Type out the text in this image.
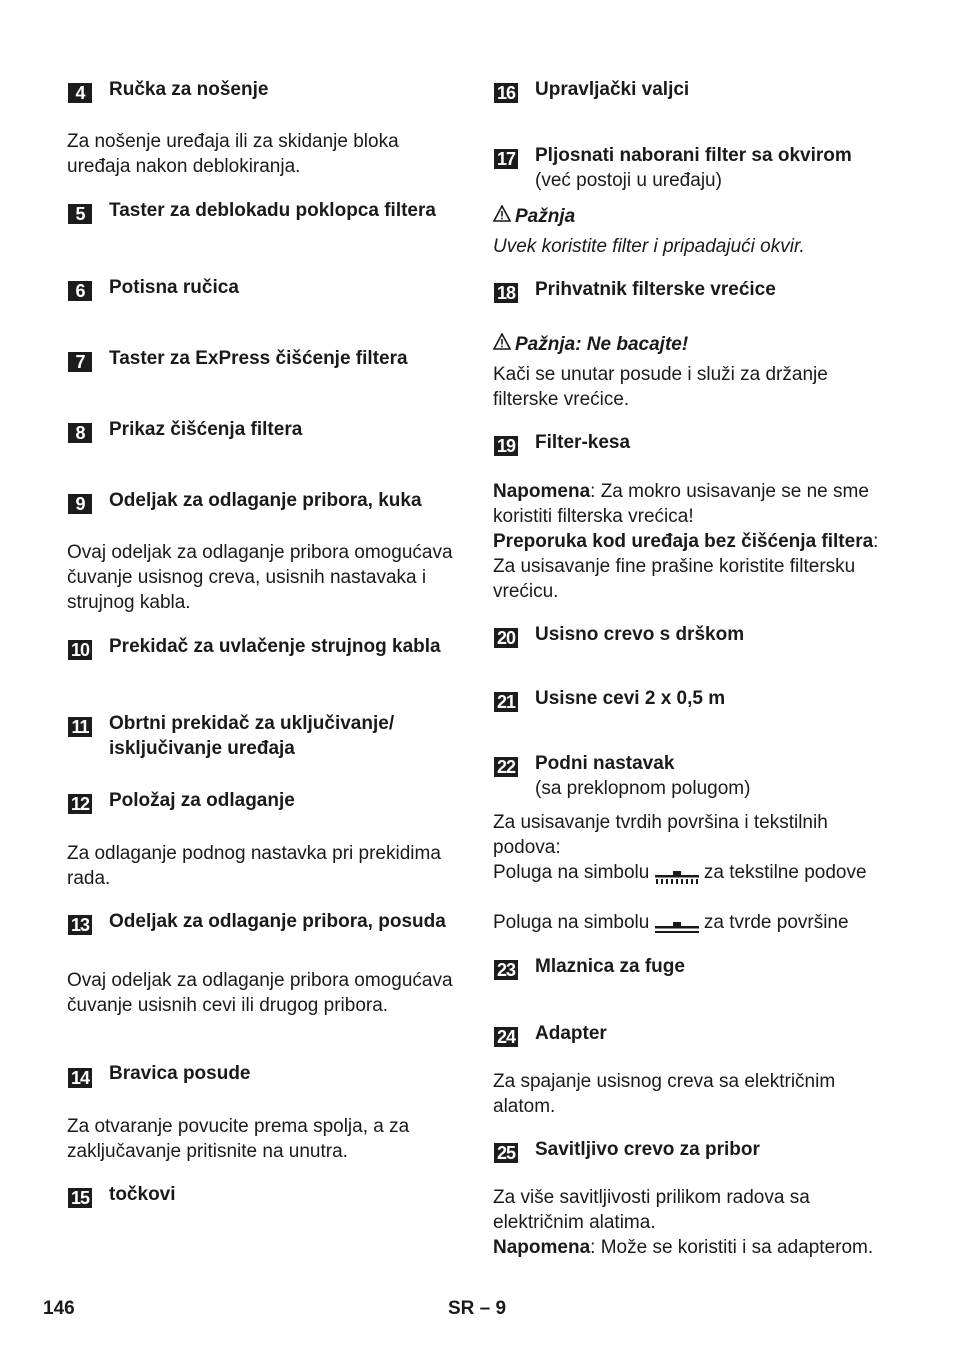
4	Ručka za nošenje
Za nošenje uređaja ili za skidanje bloka uređaja nakon deblokiranja.
5	Taster za deblokadu poklopca filtera
6	Potisna ručica
7	Taster za ExPress čišćenje filtera
8	Prikaz čišćenja filtera
9	Odeljak za odlaganje pribora, kuka
Ovaj odeljak za odlaganje pribora omogućava čuvanje usisnog creva, usisnih nastavaka i strujnog kabla.
10 Prekidač za uvlačenje strujnog kabla
11 Obrtni prekidač za uključivanje/ isključivanje uređaja
12 Položaj za odlaganje
Za odlaganje podnog nastavka pri prekidima rada.
13 Odeljak za odlaganje pribora, posuda
Ovaj odeljak za odlaganje pribora omogućava čuvanje usisnih cevi ili drugog pribora.
14 Bravica posude
Za otvaranje povucite prema spolja, a za zaključavanje pritisnite na unutra.
15 točkovi
16 Upravljački valjci
17 Pljosnati naborani filter sa okvirom
(već postoji u uređaju)
Pažnja
Uvek koristite filter i pripadajući okvir.
18 Prihvatnik filterske vrećice
Pažnja: Ne bacajte!
Kači se unutar posude i služi za držanje filterske vrećice.
19 Filter-kesa
Napomena: Za mokro usisavanje se ne sme koristiti filterska vrećica!
Preporuka kod uređaja bez čišćenja filtera: Za usisavanje fine prašine koristite filtersku vrećicu.
20 Usisno crevo s drškom
21 Usisne cevi 2 x 0,5 m
22 Podni nastavak
(sa preklopnom polugom)
Za usisavanje tvrdih površina i tekstilnih podova:
Poluga na simbolu	za tekstilne podove
Poluga na simbolu	za tvrde površine
23 Mlaznica za fuge
24 Adapter
Za spajanje usisnog creva sa električnim alatom.
25 Savitljivo crevo za pribor
Za više savitljivosti prilikom radova sa električnim alatima.
Napomena: Može se koristiti i sa adapterom.
146	SR – 9
